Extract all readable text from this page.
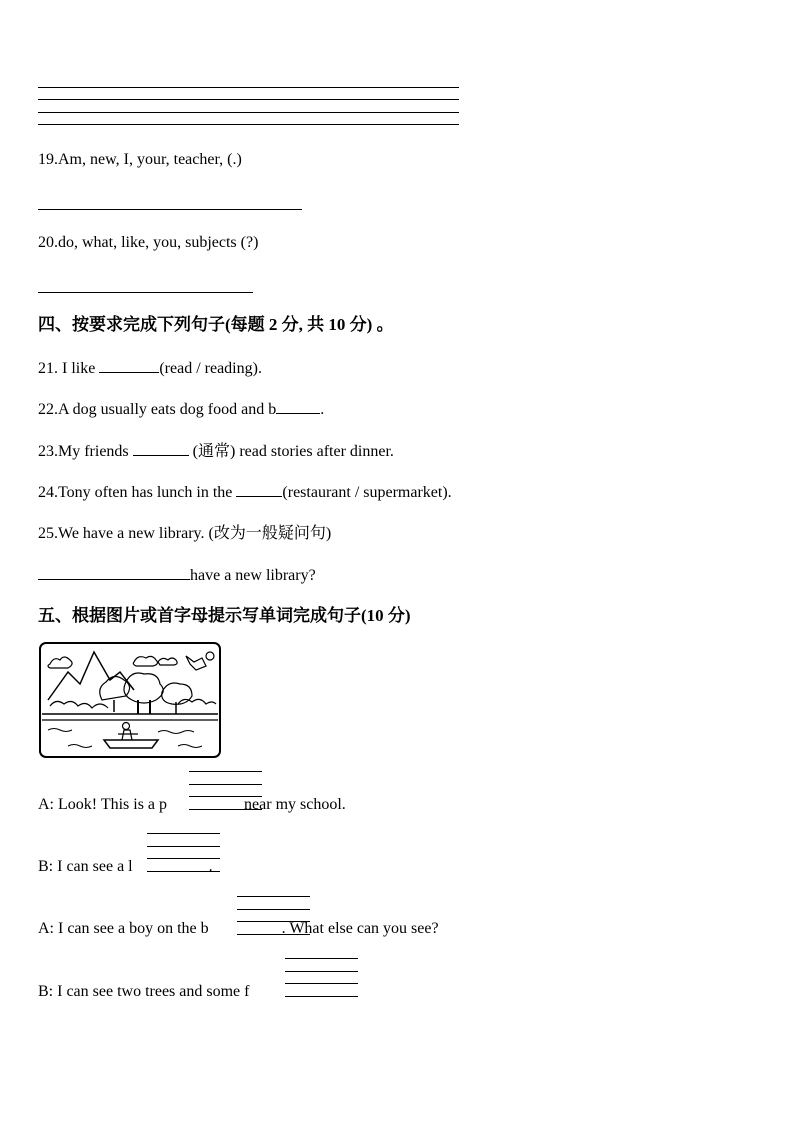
19.Am, new, I, your, teacher, (.)
20.do, what, like, you, subjects (?)
四、按要求完成下列句子(每题 2 分, 共 10 分) 。
21. I like	(read / reading).
22.A dog usually eats dog food and b	.
23.My friends	(通常) read stories after dinner.
24.Tony often has lunch in the	(restaurant / supermarket).
25.We have a new library. (改为一般疑问句)
have a new library?
五、根据图片或首字母提示写单词完成句子(10 分)
A: Look! This is a p	near my school.
B: I can see a l	.
A: I can see a boy on the b	. What else can you see?
B: I can see two trees and some f
